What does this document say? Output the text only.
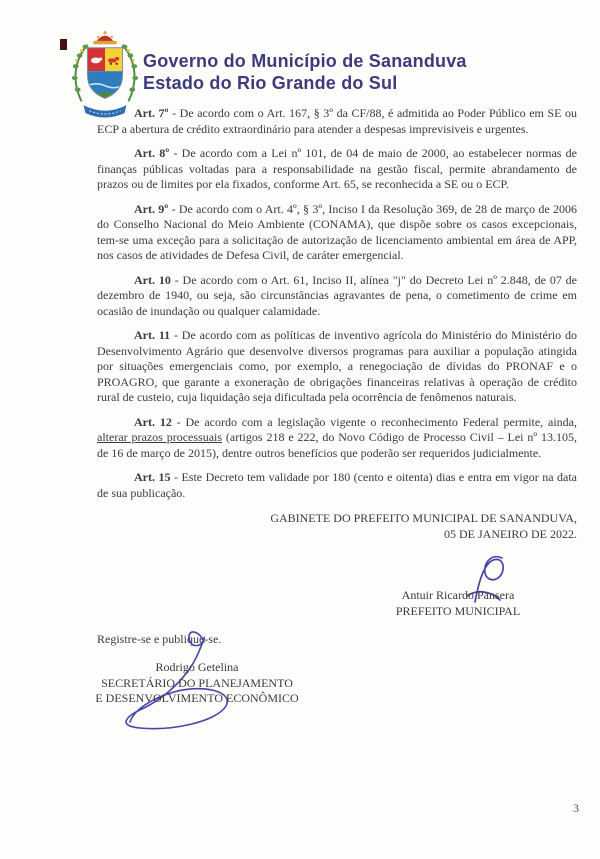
Governo do Município de Sananduva
Estado do Rio Grande do Sul

Art. 7º - De acordo com o Art. 167, § 3º da CF/88, é admitida ao Poder Público em SE ou ECP a abertura de crédito extraordinário para atender a despesas imprevisiveis e urgentes.

Art. 8º - De acordo com a Lei nº 101, de 04 de maio de 2000, ao estabelecer normas de finanças públicas voltadas para a responsabilidade na gestão fiscal, permite abrandamento de prazos ou de limites por ela fixados, conforme Art. 65, se reconhecida a SE ou o ECP.

Art. 9º - De acordo com o Art. 4º, § 3º, Inciso I da Resolução 369, de 28 de março de 2006 do Conselho Nacional do Meio Ambiente (CONAMA), que dispõe sobre os casos excepcionais, tem-se uma exceção para a solicitação de autorização de licenciamento ambiental em área de APP, nos casos de atividades de Defesa Civil, de caráter emergencial.

Art. 10 - De acordo com o Art. 61, Inciso II, alínea "j" do Decreto Lei nº 2.848, de 07 de dezembro de 1940, ou seja, são circunstâncias agravantes de pena, o cometimento de crime em ocasião de inundação ou qualquer calamidade.

Art. 11 - De acordo com as políticas de inventivo agrícola do Ministério do Ministério do Desenvolvimento Agrário que desenvolve diversos programas para auxiliar a população atingida por situações emergenciais como, por exemplo, a renegociação de dívidas do PRONAF e o PROAGRO, que garante a exoneração de obrigações financeiras relativas à operação de crédito rural de custeio, cuja liquidação seja dificultada pela ocorrência de fenômenos naturais.

Art. 12 - De acordo com a legislação vigente o reconhecimento Federal permite, ainda, alterar prazos processuais (artigos 218 e 222, do Novo Código de Processo Civil – Lei nº 13.105, de 16 de março de 2015), dentre outros benefícios que poderão ser requeridos judicialmente.

Art. 15 - Este Decreto tem validade por 180 (cento e oitenta) dias e entra em vigor na data de sua publicação.

GABINETE DO PREFEITO MUNICIPAL DE SANANDUVA,
05 DE JANEIRO DE 2022.
Antuir Ricardo Pansera
PREFEITO MUNICIPAL
Registre-se e publique-se.
Rodrigo Getelina
SECRETÁRIO DO PLANEJAMENTO
E DESENVOLVIMENTO ECONÔMICO
3
